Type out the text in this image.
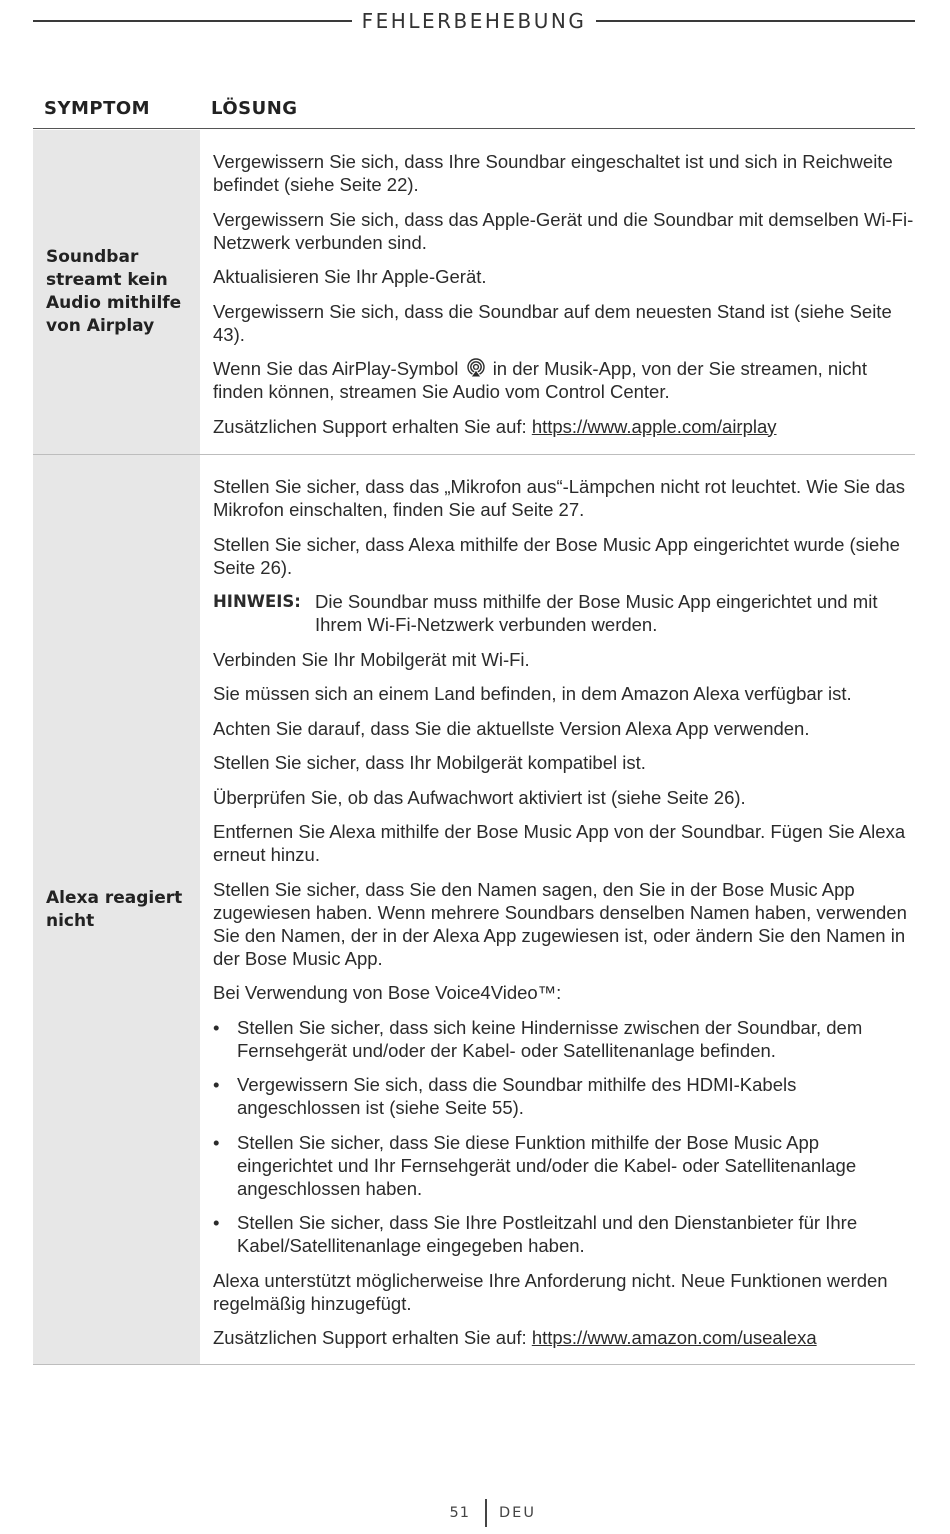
FEHLERBEHEBUNG
SYMPTOM	LÖSUNG
Soundbar streamt kein Audio mithilfe von Airplay
Vergewissern Sie sich, dass Ihre Soundbar eingeschaltet ist und sich in Reichweite befindet (siehe Seite 22).
Vergewissern Sie sich, dass das Apple-Gerät und die Soundbar mit demselben Wi-Fi-Netzwerk verbunden sind.
Aktualisieren Sie Ihr Apple-Gerät.
Vergewissern Sie sich, dass die Soundbar auf dem neuesten Stand ist (siehe Seite 43).
Wenn Sie das AirPlay-Symbol in der Musik-App, von der Sie streamen, nicht finden können, streamen Sie Audio vom Control Center.
Zusätzlichen Support erhalten Sie auf: https://www.apple.com/airplay
Alexa reagiert nicht
Stellen Sie sicher, dass das „Mikrofon aus“-Lämpchen nicht rot leuchtet. Wie Sie das Mikrofon einschalten, finden Sie auf Seite 27.
Stellen Sie sicher, dass Alexa mithilfe der Bose Music App eingerichtet wurde (siehe Seite 26).
HINWEIS: Die Soundbar muss mithilfe der Bose Music App eingerichtet und mit Ihrem Wi-Fi-Netzwerk verbunden werden.
Verbinden Sie Ihr Mobilgerät mit Wi-Fi.
Sie müssen sich an einem Land befinden, in dem Amazon Alexa verfügbar ist.
Achten Sie darauf, dass Sie die aktuellste Version Alexa App verwenden.
Stellen Sie sicher, dass Ihr Mobilgerät kompatibel ist.
Überprüfen Sie, ob das Aufwachwort aktiviert ist (siehe Seite 26).
Entfernen Sie Alexa mithilfe der Bose Music App von der Soundbar. Fügen Sie Alexa erneut hinzu.
Stellen Sie sicher, dass Sie den Namen sagen, den Sie in der Bose Music App zugewiesen haben. Wenn mehrere Soundbars denselben Namen haben, verwenden Sie den Namen, der in der Alexa App zugewiesen ist, oder ändern Sie den Namen in der Bose Music App.
Bei Verwendung von Bose Voice4Video™:
• Stellen Sie sicher, dass sich keine Hindernisse zwischen der Soundbar, dem Fernsehgerät und/oder der Kabel- oder Satellitenanlage befinden.
• Vergewissern Sie sich, dass die Soundbar mithilfe des HDMI-Kabels angeschlossen ist (siehe Seite 55).
• Stellen Sie sicher, dass Sie diese Funktion mithilfe der Bose Music App eingerichtet und Ihr Fernsehgerät und/oder die Kabel- oder Satellitenanlage angeschlossen haben.
• Stellen Sie sicher, dass Sie Ihre Postleitzahl und den Dienstanbieter für Ihre Kabel/Satellitenanlage eingegeben haben.
Alexa unterstützt möglicherweise Ihre Anforderung nicht. Neue Funktionen werden regelmäßig hinzugefügt.
Zusätzlichen Support erhalten Sie auf: https://www.amazon.com/usealexa
51 DEU
